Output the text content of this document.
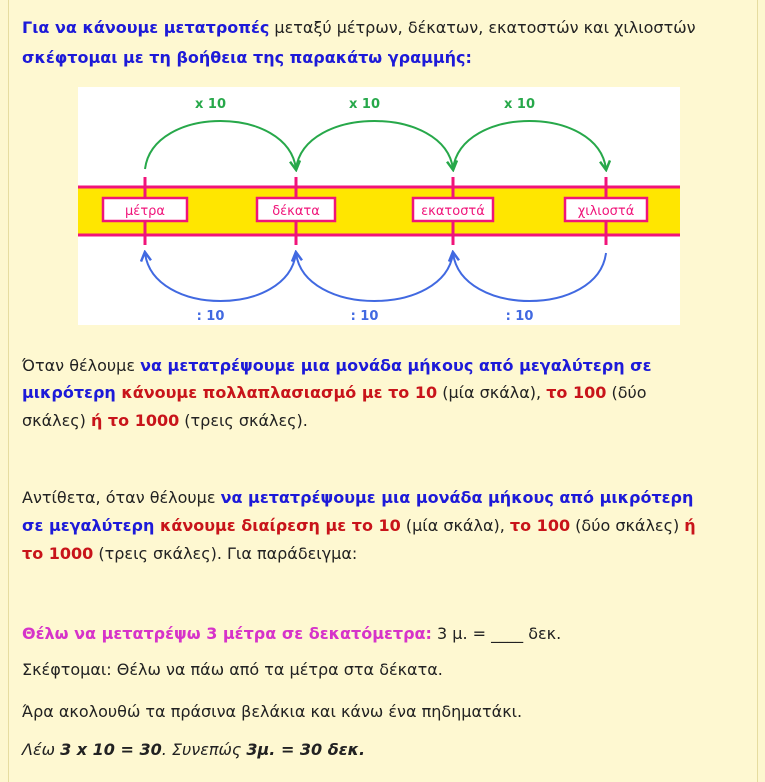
Για να κάνουμε μετατροπές μεταξύ μέτρων, δέκατων, εκατοστών και χιλιοστών
σκέφτομαι με τη βοήθεια της παρακάτω γραμμής:
μέτρα	δέκατα	εκατοστά	χιλιοστά
x 10
: 10
x 10
: 10
x 10
: 10
Όταν θέλουμε να μετατρέψουμε μια μονάδα μήκους από μεγαλύτερη σε
μικρότερη κάνουμε πολλαπλασιασμό με το 10 (μία σκάλα), το 100 (δύο
σκάλες) ή το 1000 (τρεις σκάλες).
Αντίθετα, όταν θέλουμε να μετατρέψουμε μια μονάδα μήκους από μικρότερη
σε μεγαλύτερη κάνουμε διαίρεση με το 10 (μία σκάλα), το 100 (δύο σκάλες) ή
το 1000 (τρεις σκάλες). Για παράδειγμα:
Θέλω να μετατρέψω 3 μέτρα σε δεκατόμετρα: 3 μ. = ____ δεκ.
Σκέφτομαι: Θέλω να πάω από τα μέτρα στα δέκατα.
Άρα ακολουθώ τα πράσινα βελάκια και κάνω ένα πηδηματάκι.
Λέω 3 x 10 = 30. Συνεπώς 3μ. = 30 δεκ.
